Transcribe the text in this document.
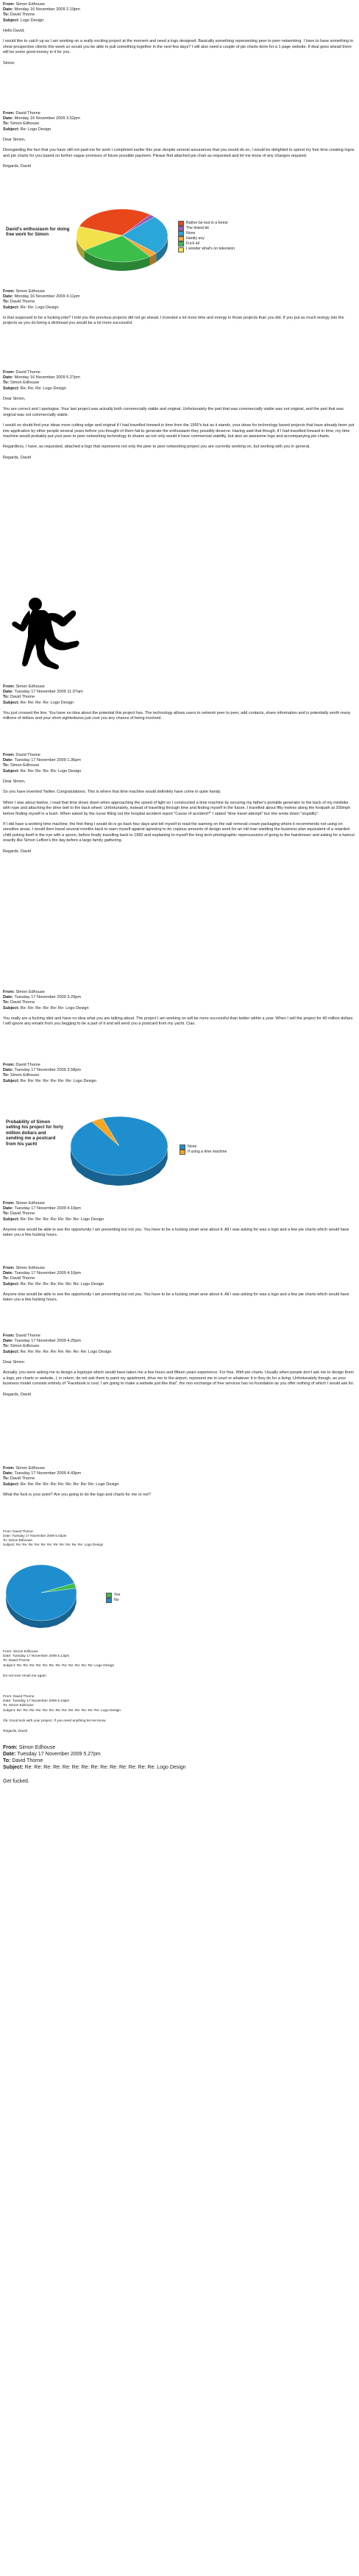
From: Simon Edhouse
Date: Monday 16 November 2009 2.19pm
To: David Thorne
Subject: Logo Design

Hello David,

I would like to catch up as I am working on a really exciting project at the moment and need a logo designed. Basically something representing peer to peer networking. I have to have something to show prospective clients this week so would you be able to pull something together in the next few days? I will also need a couple of pie charts done for a 1 page website. If deal goes ahead there will be some good money in it for you.

Simon

From: David Thorne
Date: Monday 16 November 2009 3.52pm
To: Simon Edhouse
Subject: Re: Logo Design

Dear Simon,

Disregarding the fact that you have still not paid me for work I completed earlier this year despite several assurances that you would do so, I would be delighted to spend my free time creating logos and pie charts for you based on further vague promises of future possible payment. Please find attached pie chart as requested and let me know of any changes required.

Regards, David

David's enthusiasm for doing free work for Simon
Rather be lost in a forest
The tiniest bit
None
Hardly any
Fuck all
I wonder what's on television
From: Simon Edhouse
Date: Monday 16 November 2009 4.11pm
To: David Thorne
Subject: Re: Re: Logo Design

Is that supposed to be a fucking joke? I told you the previous projects did not go ahead. I invested a lot more time and energy in those projects than you did. If you put as much energy into the projects as you do being a dickhead you would be a lot more successful.

From: David Thorne
Date: Monday 16 November 2009 5.27pm
To: Simon Edhouse
Subject: Re: Re: Re: Logo Design

Dear Simon,

You are correct and I apologise. Your last project was actually both commercially viable and original. Unfortunately the part that was commercially viable was not original, and the part that was original was not commercially viable.

I would no doubt find your ideas more cutting edge and original if I had travelled forward in time from the 1950's but as it stands, your ideas for technology based projects that have already been put into application by other people several years before you thought of them fail to generate the enthusiasm they possibly deserve. Having said that though, if I had travelled forward in time, my time machine would probably put your peer to peer networking technology to shame as not only would it have commercial viability, but also an awesome logo and accompanying pie charts.

Regardless, I have, as requested, attached a logo that represents not only the peer to peer networking project you are currently working on, but working with you in general.

Regards, David

From: Simon Edhouse
Date: Tuesday 17 November 2009 11.07am
To: David Thorne
Subject: Re: Re: Re: Re: Logo Design

You just crossed the line. You have no idea about the potential this project has. The technology allows users to network peer to peer, add contacts, share information and is potentially worth many millions of dollars and your short sightedness just cost you any chance of being involved.

From: David Thorne
Date: Tuesday 17 November 2009 1.36pm
To: Simon Edhouse
Subject: Re: Re: Re: Re: Re: Logo Design

Dear Simon,

So you have invented Twitter. Congratulations. This is where that time machine would definitely have come in quite handy.

When I was about twelve, I read that time slows down when approaching the speed of light so I constructed a time machine by securing my father's portable generator to the back of my minibike with rope and attaching the drive belt to the back wheel. Unfortunately, instead of travelling through time and finding myself in the future, I travelled about fifty metres along the footpath at 200mph before finding myself in a bush. When asked by the nurse filling out the hospital accident report "Cause of accident?" I stated "time travel attempt" but she wrote down "stupidity".

If I did have a working time machine, the first thing I would do is go back four days and tell myself to read the warning on the nail removal cream packaging where it recommends not using on sensitive areas. I would then travel several months back to warn myself against agreeing to do copious amounts of design work for an old man wielding the business plan equivalent of a retarded child poking itself in the eye with a spoon, before finally travelling back to 1982 and explaining to myself the long term photographic repercussions of going to the hairdresser and asking for a haircut exactly like Simon LeBon's the day before a large family gathering.

Regards, David

From: Simon Edhouse
Date: Tuesday 17 November 2009 3.29pm
To: David Thorne
Subject: Re: Re: Re: Re: Re: Re: Logo Design

You really are a fucking idiot and have no idea what you are talking about. The project I am working on will be more successful than twitter within a year. When I sell the project for 40 million dollars I will ignore any emails from you begging to be a part of it and will send you a postcard from my yacht. Ciao.

From: David Thorne
Date: Tuesday 17 November 2009 3.58pm
To: Simon Edhouse
Subject: Re: Re: Re: Re: Re: Re: Re: Logo Design
Probability of Simon selling his project for forty million dollars and sending me a postcard from his yacht
None
If using a time machine
From: Simon Edhouse
Date: Tuesday 17 November 2009 4.10pm
To: David Thorne
Subject: Re: Re: Re: Re: Re: Re: Re: Re: Logo Design

Anyone else would be able to see the opportunity I am presenting but not you. You have to be a fucking smart arse about it. All I was asking for was a logo and a few pie charts which would have taken you a few fucking hours.

From: Simon Edhouse
Date: Tuesday 17 November 2009 4.10pm
To: David Thorne
Subject: Re: Re: Re: Re: Re: Re: Re: Re: Logo Design

Anyone else would be able to see the opportunity I am presenting but not you. You have to be a fucking smart arse about it. All I was asking for was a logo and a few pie charts which would have taken you a few fucking hours.

From: David Thorne
Date: Tuesday 17 November 2009 4.25pm
To: Simon Edhouse
Subject: Re: Re: Re: Re: Re: Re: Re: Re: Re: Logo Design

Dear Simon

Actually, you were asking me to design a logotype which would have taken me a few hours and fifteen years experience. For free. With pie charts. Usually when people don't ask me to design them a logo, pie charts or website, I, in return, do not ask them to paint my apartment, drive me to the airport, represent me in court or whatever it is they do for a living. Unfortunately though, as your business model consists entirely of "Facebook is cool, I am going to make a website just like that", the non exchange of free services has no foundation as you offer nothing of which I would ask for.

Regards, David

From: Simon Edhouse
Date: Tuesday 17 November 2009 4.43pm
To: David Thorne
Subject: Re: Re: Re: Re: Re: Re: Re: Re: Re: Re: Logo Design

What the fuck is your point? Are you going to do the logo and charts for me or not?

From: David Thorne
Date: Tuesday 17 November 2009 5.02pm
To: Simon Edhouse
Subject: Re: Re: Re: Re: Re: Re: Re: Re: Re: Re: Re: Logo Design
Yes
No
From: Simon Edhouse
Date: Tuesday 17 November 2009 5.13pm
To: David Thorne
Subject: Re: Re: Re: Re: Re: Re: Re: Re: Re: Re: Re: Re: Logo Design

Do not ever email me again.

From: David Thorne
Date: Tuesday 17 November 2009 5.19pm
To: Simon Edhouse
Subject: Re: Re: Re: Re: Re: Re: Re: Re: Re: Re: Re: Re: Re: Logo Design

Ok. Good luck with your project. If you need anything let me know.

Regards, David

From: Simon Edhouse
Date: Tuesday 17 November 2009 5.27pm
To: David Thorne
Subject: Re: Re: Re: Re: Re: Re: Re: Re: Re: Re: Re: Re: Re: Re: Logo Design

Get fucked.
